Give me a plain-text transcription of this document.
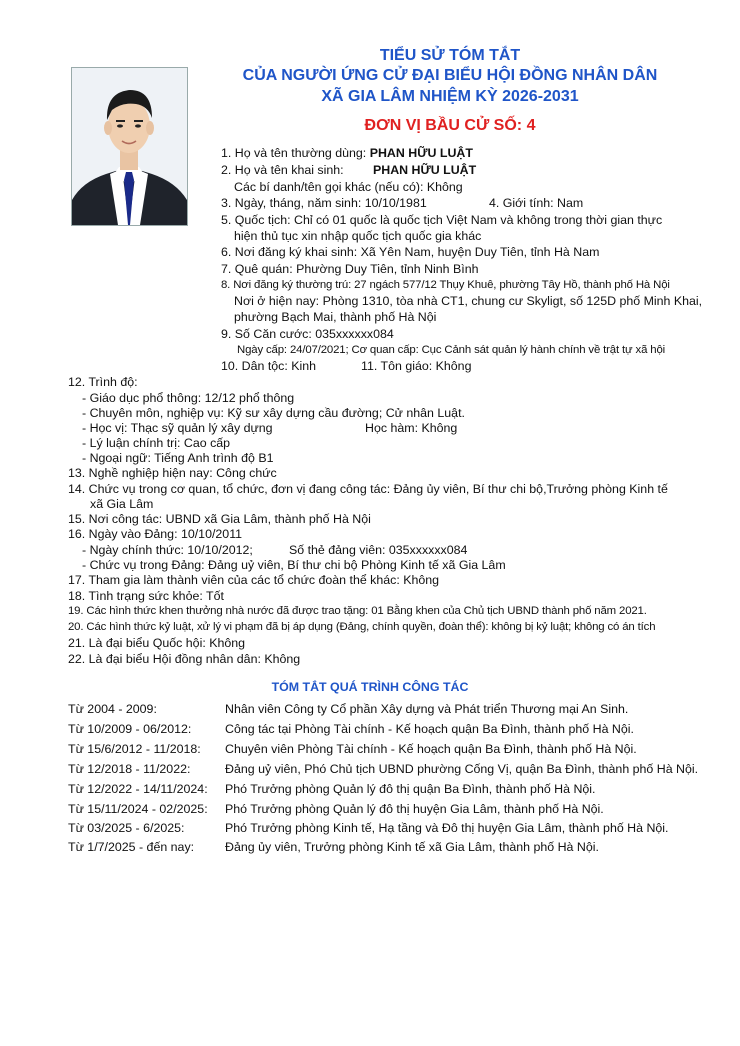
TIỂU SỬ TÓM TẮT
CỦA NGƯỜI ỨNG CỬ ĐẠI BIỂU HỘI ĐỒNG NHÂN DÂN
XÃ GIA LÂM NHIỆM KỲ 2026-2031
ĐƠN VỊ BẦU CỬ SỐ: 4
1. Họ và tên thường dùng: PHAN HỮU LUẬT
2. Họ và tên khai sinh: PHAN HỮU LUẬT
Các bí danh/tên gọi khác (nếu có): Không
3. Ngày, tháng, năm sinh: 10/10/1981	4. Giới tính: Nam
5. Quốc tịch: Chỉ có 01 quốc là quốc tịch Việt Nam và không trong thời gian thực
hiện thủ tục xin nhập quốc tịch quốc gia khác
6. Nơi đăng ký khai sinh: Xã Yên Nam, huyện Duy Tiên, tỉnh Hà Nam
7. Quê quán: Phường Duy Tiên, tỉnh Ninh Bình
8. Nơi đăng ký thường trú: 27 ngách 577/12 Thụy Khuê, phường Tây Hồ, thành phố Hà Nội
Nơi ở hiện nay: Phòng 1310, tòa nhà CT1, chung cư Skyligt, số 125D phố Minh Khai,
phường Bạch Mai, thành phố Hà Nội
9. Số Căn cước: 035xxxxxx084
Ngày cấp: 24/07/2021; Cơ quan cấp: Cục Cảnh sát quản lý hành chính về trật tự xã hội
10. Dân tộc: Kinh	11. Tôn giáo: Không
12. Trình độ:
- Giáo dục phổ thông: 12/12 phổ thông
- Chuyên môn, nghiệp vụ: Kỹ sư xây dựng cầu đường; Cử nhân Luật.
- Học vị: Thạc sỹ quản lý xây dựng	Học hàm: Không
- Lý luận chính trị: Cao cấp
- Ngoại ngữ: Tiếng Anh trình độ B1
13. Nghề nghiệp hiện nay: Công chức
14. Chức vụ trong cơ quan, tổ chức, đơn vị đang công tác: Đảng ủy viên, Bí thư chi bộ,Trưởng phòng Kinh tế
xã Gia Lâm
15. Nơi công tác: UBND xã Gia Lâm, thành phố Hà Nội
16. Ngày vào Đảng: 10/10/2011
- Ngày chính thức: 10/10/2012;	Số thẻ đảng viên: 035xxxxxx084
- Chức vụ trong Đảng: Đảng uỷ viên, Bí thư chi bộ Phòng Kinh tế xã Gia Lâm
17. Tham gia làm thành viên của các tổ chức đoàn thể khác: Không
18. Tình trạng sức khỏe: Tốt
19. Các hình thức khen thưởng nhà nước đã được trao tặng: 01 Bằng khen của Chủ tịch UBND thành phố năm 2021.
20. Các hình thức kỷ luật, xử lý vi phạm đã bị áp dụng (Đảng, chính quyền, đoàn thể): không bị kỷ luật; không có án tích
21. Là đại biểu Quốc hội: Không
22. Là đại biểu Hội đồng nhân dân: Không
TÓM TẮT QUÁ TRÌNH CÔNG TÁC
Từ 2004 - 2009:	Nhân viên Công ty Cổ phần Xây dựng và Phát triển Thương mại An Sinh.
Từ 10/2009 - 06/2012:	Công tác tại Phòng Tài chính - Kế hoạch quận Ba Đình, thành phố Hà Nội.
Từ 15/6/2012 - 11/2018: Chuyên viên Phòng Tài chính - Kế hoạch quận Ba Đình, thành phố Hà Nội.
Từ 12/2018 - 11/2022:	Đảng uỷ viên, Phó Chủ tịch UBND phường Cống Vị, quận Ba Đình, thành phố Hà Nội.
Từ 12/2022 - 14/11/2024: Phó Trưởng phòng Quản lý đô thị quận Ba Đình, thành phố Hà Nội.
Từ 15/11/2024 - 02/2025: Phó Trưởng phòng Quản lý đô thị huyện Gia Lâm, thành phố Hà Nội.
Từ 03/2025 - 6/2025:	Phó Trưởng phòng Kinh tế, Hạ tầng và Đô thị huyện Gia Lâm, thành phố Hà Nội.
Từ 1/7/2025 - đến nay: Đảng ủy viên, Trưởng phòng Kinh tế xã Gia Lâm, thành phố Hà Nội.
